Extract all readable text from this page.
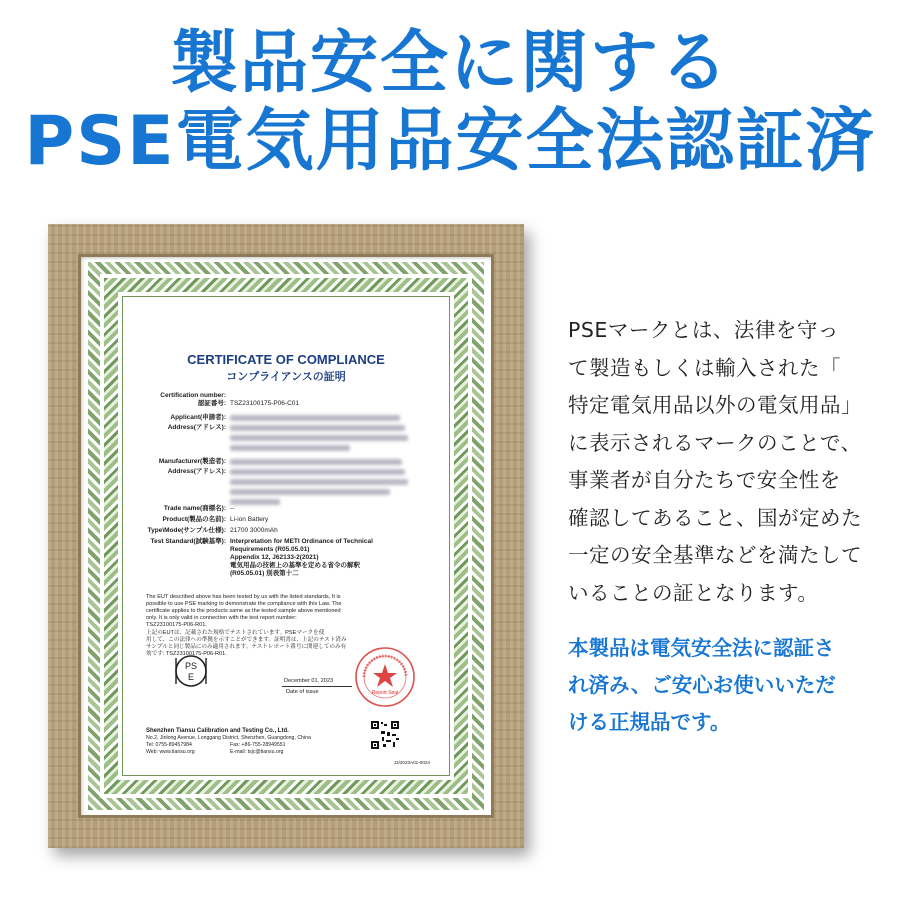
製品安全に関する
PSE電気用品安全法認証済
CERTIFICATE OF COMPLIANCE
コンプライアンスの証明
Certification number:
認証番号: TSZ23100175-P06-C01
Applicant(申請者):
Address(アドレス):

Manufacturer(製造者):
Address(アドレス):

Trade name(商標名): --
Product(製品の名前): Li-ion Battery
Type\Mode(サンプル仕様): 21700 3000mAh
Test Standard(試験基準): Interpretation for METI Ordinance of Technical
Requirements (R05.05.01)
Appendix 12, J62133-2(2021)
電気用品の技術上の基準を定める省令の解釈
(R05.05.01) 別表第十二
The EUT described above has been tested by us with the listed standards, It is
possible to use PSE marking to demonstrate the compliance with this Law. The
certificate applies to the products same as the tested sample above mentioned
only. It is only valid in connection with the test report number:
TSZ23100175-P06-R01.
上記のEUTは、記載された規格でテストされています。PSEマークを使
用して、この法律への準拠を示すことができます。証明書は、上記のテスト済み
サンプルと同じ製品にのみ適用されます。テストレポート番号に関連してのみ有
効です: TSZ23100175-P06-R01.
PS
E	December 01, 2023
Date of issue	Report Seal
Shenzhen Tiansu Calibration and Testing Co., Ltd.
No.2, Jinlong Avenue, Longgang District, Shenzhen, Guangdong, China
Tel: 0755-89457984	Fax: +86-755-28949551
Web: www.tiansu.org	E-mail: tsjc@tiansu.org
J3/2023A01-0024
PSEマークとは、法律を守っ
て製造もしくは輸入された「
特定電気用品以外の電気用品」
に表示されるマークのことで、
事業者が自分たちで安全性を
確認してあること、国が定めた
一定の安全基準などを満たして
いることの証となります。
本製品は電気安全法に認証さ
れ済み、ご安心お使いいただ
ける正規品です。
